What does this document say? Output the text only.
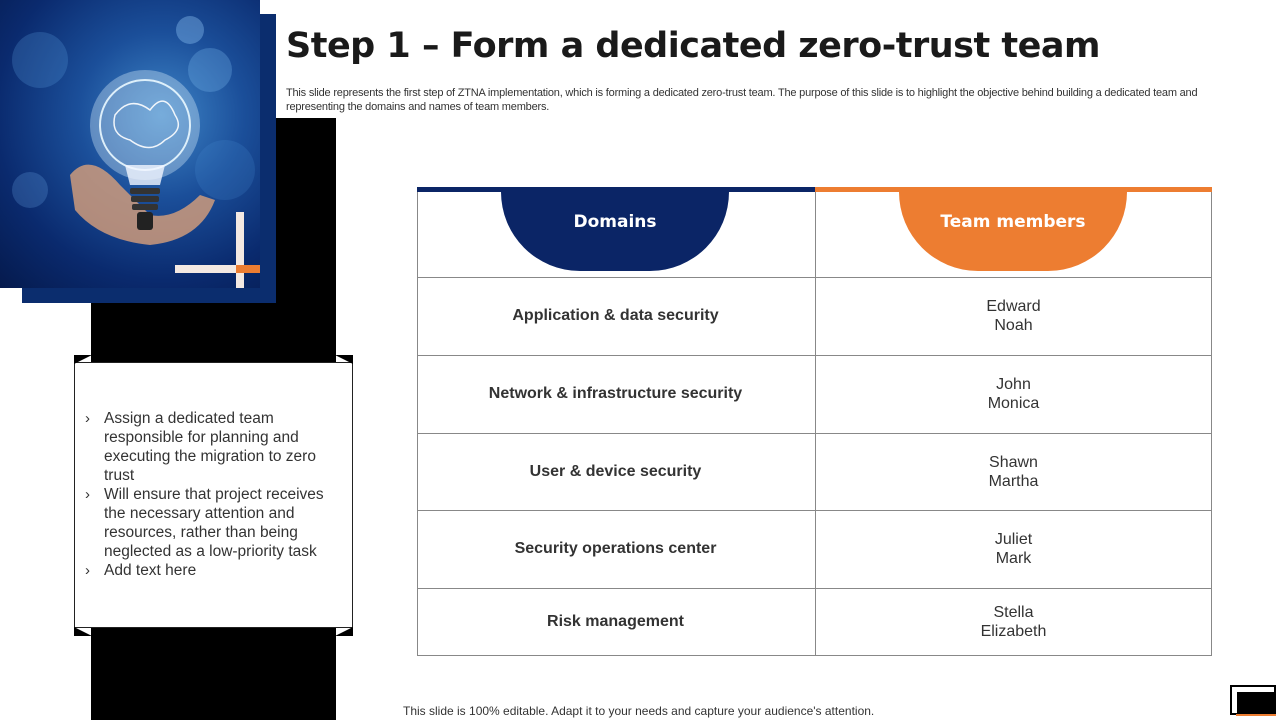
Step 1 – Form a dedicated zero-trust team
This slide represents the first step of ZTNA implementation, which is forming a dedicated zero-trust team. The purpose of this slide is to highlight the objective behind building a dedicated team and representing the domains and names of team members.
› Assign a dedicated team responsible for planning and executing the migration to zero trust
› Will ensure that project receives the necessary attention and resources, rather than being neglected as a low-priority task
› Add text here
Domains	Team members
Application & data security
Edward
Noah
Network & infrastructure security
John
Monica
User & device security
Shawn
Martha
Security operations center
Juliet
Mark
Risk management
Stella
Elizabeth
This slide is 100% editable. Adapt it to your needs and capture your audience's attention.
